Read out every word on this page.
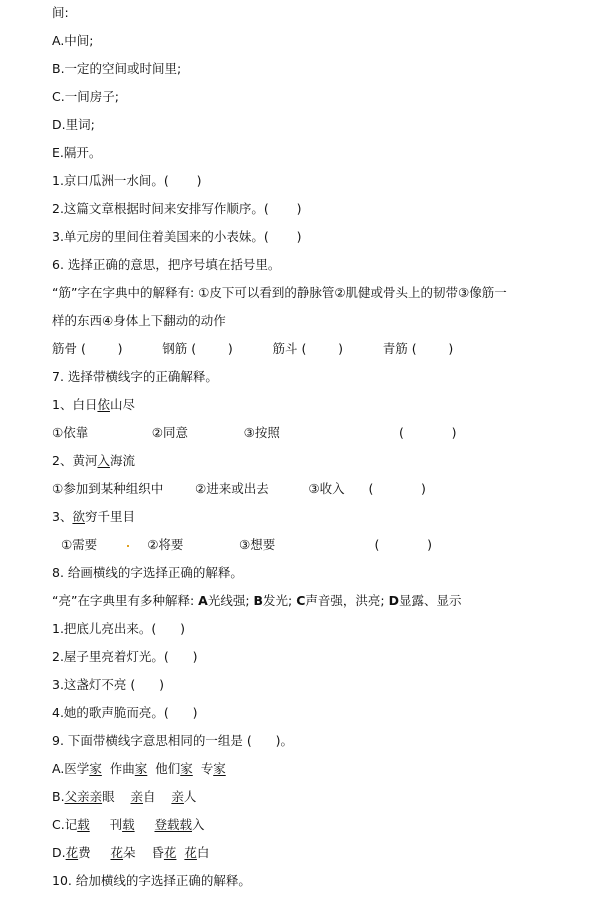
间:
A.中间;
B.一定的空间或时间里;
C.一间房子;
D.里词;
E.隔开。
1.京口瓜洲一水间。(       )
2.这篇文章根据时间来安排写作顺序。(       )
3.单元房的里间住着美国来的小表妹。(       )
6. 选择正确的意思，把序号填在括号里。
“筋”字在字典中的解释有: ①皮下可以看到的静脉管②肌健或骨头上的韧带③像筋一
样的东西④身体上下翻动的动作
筋骨 (        )          钢筋 (        )          筋斗 (        )          青筋 (        )
7. 选择带横线字的正确解释。
1、白日依山尽
①依靠                ②同意              ③按照                              (            )
2、黄河入海流
①参加到某种组织中        ②进来或出去          ③收入      (            )
3、欲穷千里目
①需要	②将要              ③想要                         (            )
8. 给画横线的字选择正确的解释。
“亮”在字典里有多种解释: A光线强; B发光; C声音强，洪亮; D显露、显示
1.把底儿亮出来。(      )
2.屋子里亮着灯光。(      )
3.这盏灯不亮 (      )
4.她的歌声脆而亮。(      )
9. 下面带横线字意思相同的一组是 (      )。
A.医学家  作曲家  他们家  专家
B.父亲亲眼    亲自    亲人
C.记载     刊载 登载载入
D.花费     花朵    昏花 花白
10. 给加横线的字选择正确的解释。
